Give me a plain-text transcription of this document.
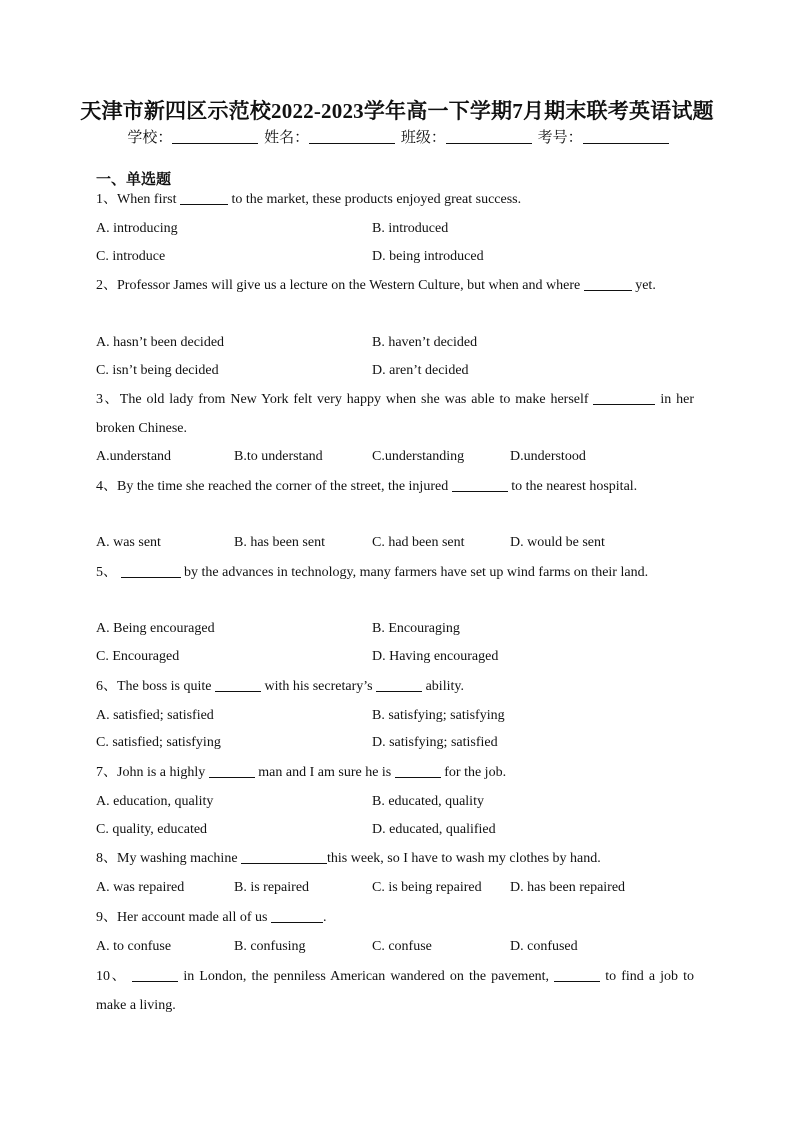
天津市新四区示范校2022-2023学年高一下学期7月期末联考英语试题
学校：	姓名：	班级：	考号：
一、单选题
1、When first	to the market, these products enjoyed great success.
A. introducing	B. introduced
C. introduce	D. being introduced
2、Professor James will give us a lecture on the Western Culture, but when and where	yet.
A. hasn’t been decided	B. haven’t decided
C. isn’t being decided	D. aren’t decided
3、The old lady from New York felt very happy when she was able to make herself	in her broken Chinese.
A.understand	B.to understand	C.understanding	D.understood
4、By the time she reached the corner of the street, the injured	to the nearest hospital.
A. was sent	B. has been sent	C. had been sent	D. would be sent
5、	by the advances in technology, many farmers have set up wind farms on their land.
A. Being encouraged	B. Encouraging
C. Encouraged	D. Having encouraged
6、The boss is quite	with his secretary’s	ability.
A. satisfied; satisfied	B. satisfying; satisfying
C. satisfied; satisfying	D. satisfying; satisfied
7、John is a highly	man and I am sure he is	for the job.
A. education, quality	B. educated, quality
C. quality, educated	D. educated, qualified
8、My washing machine	this week, so I have to wash my clothes by hand.
A. was repaired	B. is repaired	C. is being repaired D. has been repaired
9、Her account made all of us	.
A. to confuse	B. confusing	C. confuse	D. confused
10、	in London, the penniless American wandered on the pavement,	to find a job to make a living.
